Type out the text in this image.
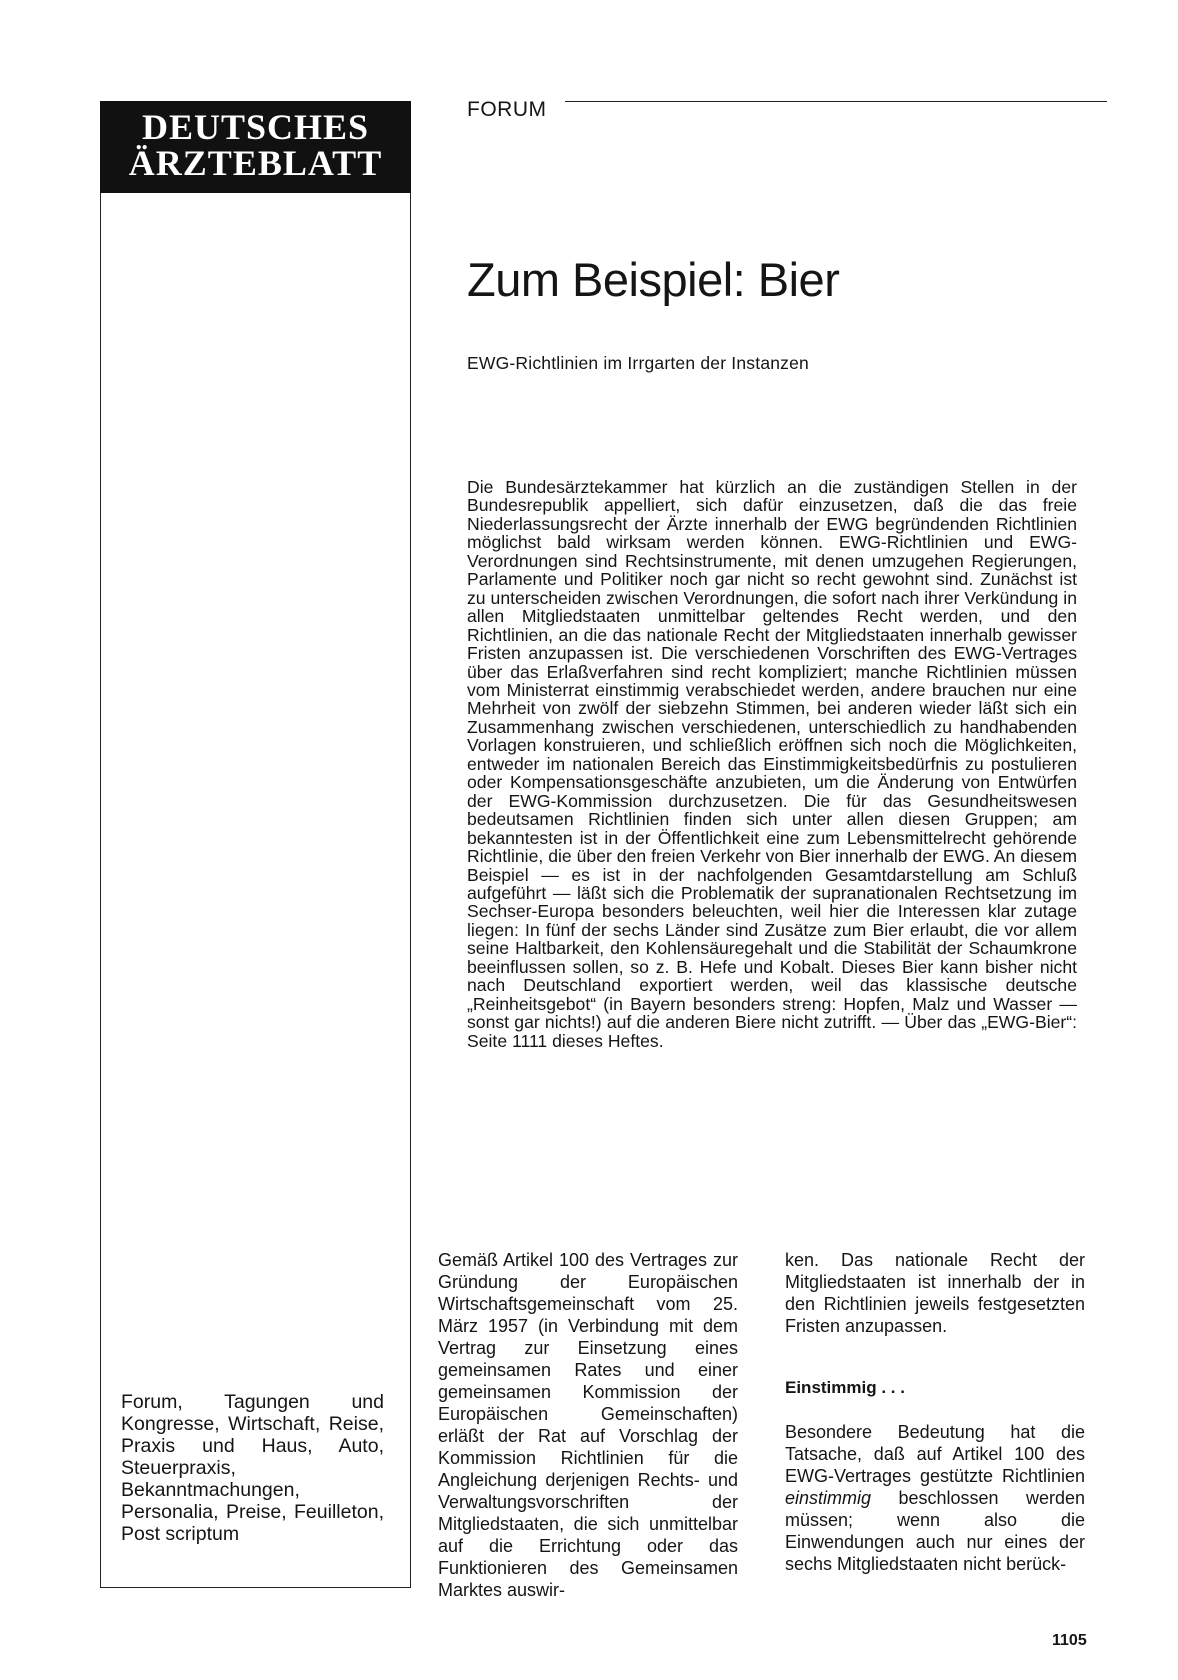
DEUTSCHES
ÄRZTEBLATT
Forum, Tagungen und Kongresse, Wirtschaft, Reise, Praxis und Haus, Auto, Steuerpraxis, Bekanntmachungen, Personalia, Preise, Feuilleton, Post scriptum
FORUM
Zum Beispiel: Bier
EWG-Richtlinien im Irrgarten der Instanzen

Die Bundesärztekammer hat kürzlich an die zuständigen Stellen in der Bundesrepublik appelliert, sich dafür einzusetzen, daß die das freie Niederlassungsrecht der Ärzte innerhalb der EWG begründenden Richtlinien möglichst bald wirksam werden können. EWG-Richtlinien und EWG-Verordnungen sind Rechtsinstrumente, mit denen umzugehen Regierungen, Parlamente und Politiker noch gar nicht so recht gewohnt sind. Zunächst ist zu unterscheiden zwischen Verordnungen, die sofort nach ihrer Verkündung in allen Mitgliedstaaten unmittelbar geltendes Recht werden, und den Richtlinien, an die das nationale Recht der Mitgliedstaaten innerhalb gewisser Fristen anzupassen ist. Die verschiedenen Vorschriften des EWG-Vertrages über das Erlaßverfahren sind recht kompliziert; manche Richtlinien müssen vom Ministerrat einstimmig verabschiedet werden, andere brauchen nur eine Mehrheit von zwölf der siebzehn Stimmen, bei anderen wieder läßt sich ein Zusammenhang zwischen verschiedenen, unterschiedlich zu handhabenden Vorlagen konstruieren, und schließlich eröffnen sich noch die Möglichkeiten, entweder im nationalen Bereich das Einstimmigkeitsbedürfnis zu postulieren oder Kompensationsgeschäfte anzubieten, um die Änderung von Entwürfen der EWG-Kommission durchzusetzen. Die für das Gesundheitswesen bedeutsamen Richtlinien finden sich unter allen diesen Gruppen; am bekanntesten ist in der Öffentlichkeit eine zum Lebensmittelrecht gehörende Richtlinie, die über den freien Verkehr von Bier innerhalb der EWG. An diesem Beispiel — es ist in der nachfolgenden Gesamtdarstellung am Schluß aufgeführt — läßt sich die Problematik der supranationalen Rechtsetzung im Sechser-Europa besonders beleuchten, weil hier die Interessen klar zutage liegen: In fünf der sechs Länder sind Zusätze zum Bier erlaubt, die vor allem seine Haltbarkeit, den Kohlensäuregehalt und die Stabilität der Schaumkrone beeinflussen sollen, so z. B. Hefe und Kobalt. Dieses Bier kann bisher nicht nach Deutschland exportiert werden, weil das klassische deutsche „Reinheitsgebot“ (in Bayern besonders streng: Hopfen, Malz und Wasser — sonst gar nichts!) auf die anderen Biere nicht zutrifft. — Über das „EWG-Bier“: Seite 1111 dieses Heftes.

Gemäß Artikel 100 des Vertrages zur Gründung der Europäischen Wirtschaftsgemeinschaft vom 25. März 1957 (in Verbindung mit dem Vertrag zur Einsetzung eines gemeinsamen Rates und einer gemeinsamen Kommission der Europäischen Gemeinschaften) erläßt der Rat auf Vorschlag der Kommission Richtlinien für die Angleichung derjenigen Rechts- und Verwaltungsvorschriften der Mitgliedstaaten, die sich unmittelbar auf die Errichtung oder das Funktionieren des Gemeinsamen Marktes auswir-

ken. Das nationale Recht der Mitgliedstaaten ist innerhalb der in den Richtlinien jeweils festgesetzten Fristen anzupassen.

Einstimmig . . .

Besondere Bedeutung hat die Tatsache, daß auf Artikel 100 des EWG-Vertrages gestützte Richtlinien einstimmig beschlossen werden müssen; wenn also die Einwendungen auch nur eines der sechs Mitgliedstaaten nicht berück-

1105
